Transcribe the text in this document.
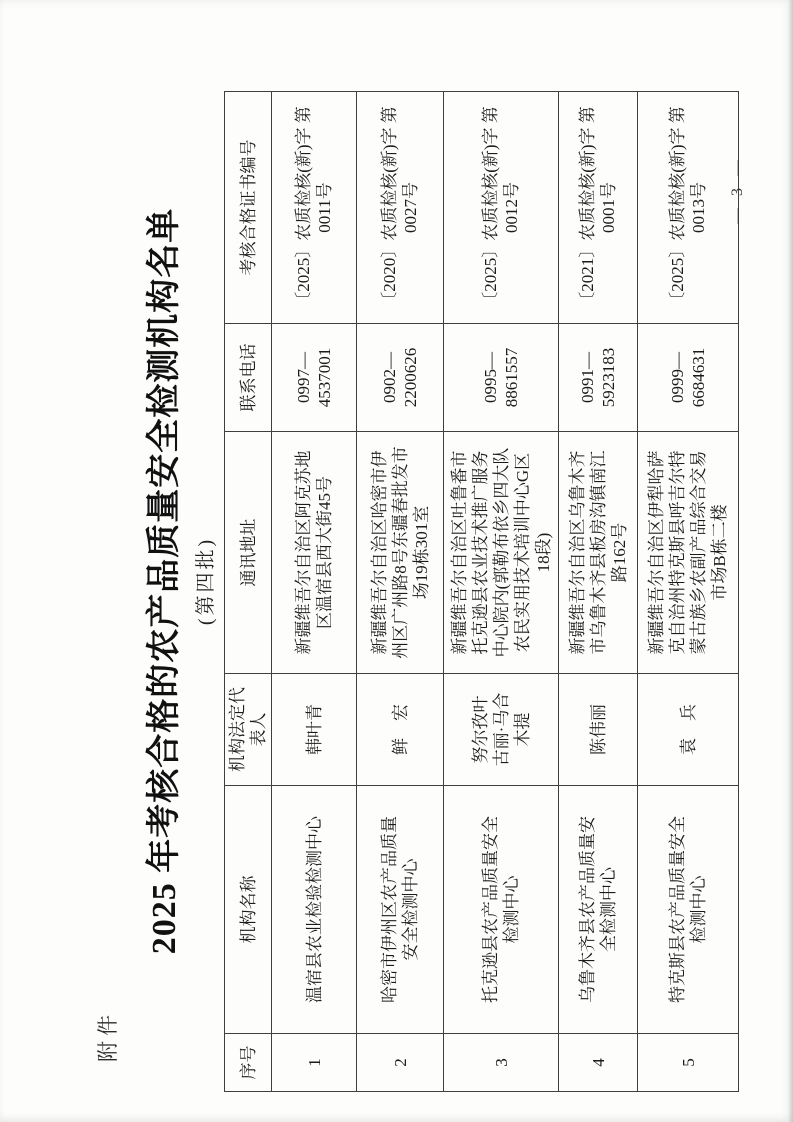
附件
2025 年考核合格的农产品质量安全检测机构名单 (第四批)
序号	机构名称	机构法定代表人	通讯地址	联系电话	考核合格证书编号
1	温宿县农业检验检测中心	韩叶青	新疆维吾尔自治区阿克苏地区温宿县西大街45号	0997—4537001	〔2025〕农质检核(新)字 第0011号
2	哈密市伊州区农产品质量安全检测中心	鲜　宏	新疆维吾尔自治区哈密市伊州区广州路8号东疆春批发市场19栋301室	0902—2200626	〔2020〕农质检核(新)字 第0027号
3	托克逊县农产品质量安全检测中心	努尔孜叶古丽·马合木提	新疆维吾尔自治区吐鲁番市托克逊县农业技术推广服务中心院内(郭勒布依乡四大队农民实用技术培训中心G区18段)	0995—8861557	〔2025〕农质检核(新)字 第0012号
4	乌鲁木齐县农产品质量安全检测中心	陈伟丽	新疆维吾尔自治区乌鲁木齐市乌鲁木齐县板房沟镇南江路162号	0991—5923183	〔2021〕农质检核(新)字 第0001号
5	特克斯县农产品质量安全检测中心	袁　兵	新疆维吾尔自治区伊犁哈萨克自治州特克斯县呼吉尔特蒙古族乡农副产品综合交易市场B栋二楼	0999—6684631	〔2025〕农质检核(新)字 第0013号 — 3 —
